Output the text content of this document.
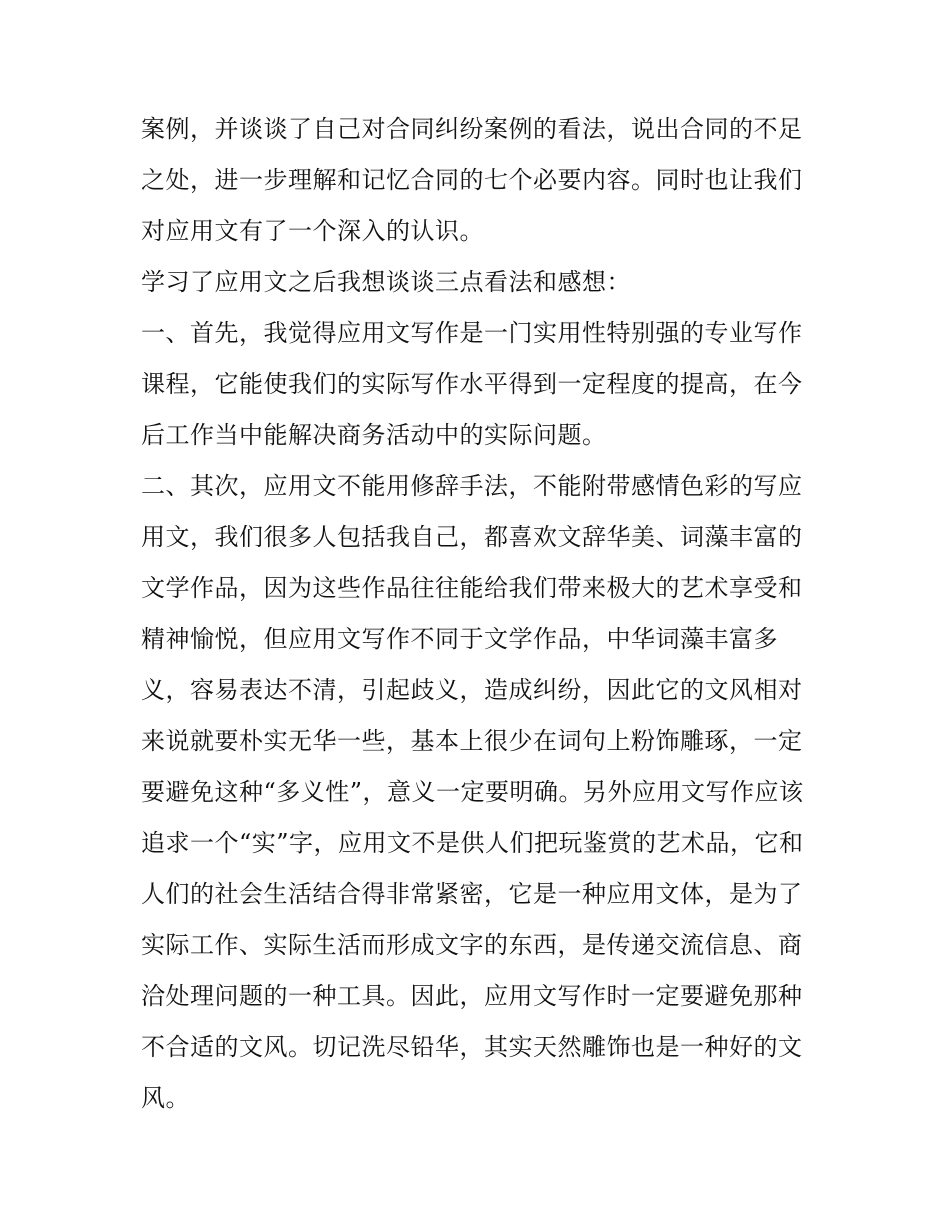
案例，并谈谈了自己对合同纠纷案例的看法，说出合同的不足
之处，进一步理解和记忆合同的七个必要内容。同时也让我们
对应用文有了一个深入的认识。
学习了应用文之后我想谈谈三点看法和感想：
一、首先，我觉得应用文写作是一门实用性特别强的专业写作
课程，它能使我们的实际写作水平得到一定程度的提高，在今
后工作当中能解决商务活动中的实际问题。
二、其次，应用文不能用修辞手法，不能附带感情色彩的写应
用文，我们很多人包括我自己，都喜欢文辞华美、词藻丰富的
文学作品，因为这些作品往往能给我们带来极大的艺术享受和
精神愉悦，但应用文写作不同于文学作品，中华词藻丰富多
义，容易表达不清，引起歧义，造成纠纷，因此它的文风相对
来说就要朴实无华一些，基本上很少在词句上粉饰雕琢，一定
要避免这种“多义性”，意义一定要明确。另外应用文写作应该
追求一个“实”字，应用文不是供人们把玩鉴赏的艺术品，它和
人们的社会生活结合得非常紧密，它是一种应用文体，是为了
实际工作、实际生活而形成文字的东西，是传递交流信息、商
洽处理问题的一种工具。因此，应用文写作时一定要避免那种
不合适的文风。切记洗尽铅华，其实天然雕饰也是一种好的文
风。
